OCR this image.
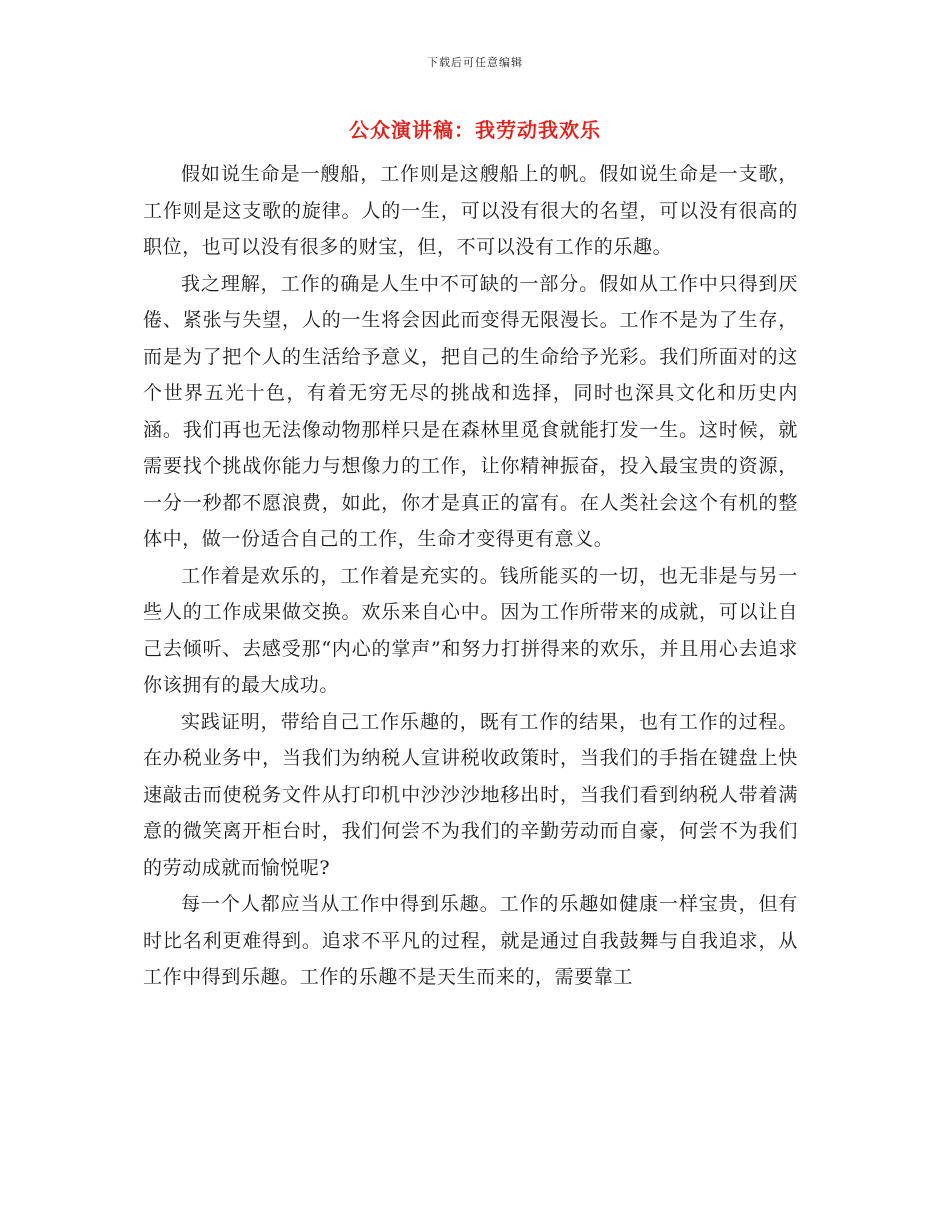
下载后可任意编辑
公众演讲稿：我劳动我欢乐

假如说生命是一艘船，工作则是这艘船上的帆。假如说生命是一支歌，工作则是这支歌的旋律。人的一生，可以没有很大的名望，可以没有很高的职位，也可以没有很多的财宝，但，不可以没有工作的乐趣。

我之理解，工作的确是人生中不可缺的一部分。假如从工作中只得到厌倦、紧张与失望，人的一生将会因此而变得无限漫长。工作不是为了生存，而是为了把个人的生活给予意义，把自己的生命给予光彩。我们所面对的这个世界五光十色，有着无穷无尽的挑战和选择，同时也深具文化和历史内涵。我们再也无法像动物那样只是在森林里觅食就能打发一生。这时候，就需要找个挑战你能力与想像力的工作，让你精神振奋，投入最宝贵的资源，一分一秒都不愿浪费，如此，你才是真正的富有。在人类社会这个有机的整体中，做一份适合自己的工作，生命才变得更有意义。

工作着是欢乐的，工作着是充实的。钱所能买的一切，也无非是与另一些人的工作成果做交换。欢乐来自心中。因为工作所带来的成就，可以让自己去倾听、去感受那“内心的掌声”和努力打拼得来的欢乐，并且用心去追求你该拥有的最大成功。

实践证明，带给自己工作乐趣的，既有工作的结果，也有工作的过程。在办税业务中，当我们为纳税人宣讲税收政策时，当我们的手指在键盘上快速敲击而使税务文件从打印机中沙沙沙地移出时，当我们看到纳税人带着满意的微笑离开柜台时，我们何尝不为我们的辛勤劳动而自豪，何尝不为我们的劳动成就而愉悦呢?

每一个人都应当从工作中得到乐趣。工作的乐趣如健康一样宝贵，但有时比名利更难得到。追求不平凡的过程，就是通过自我鼓舞与自我追求，从工作中得到乐趣。工作的乐趣不是天生而来的，需要靠工
